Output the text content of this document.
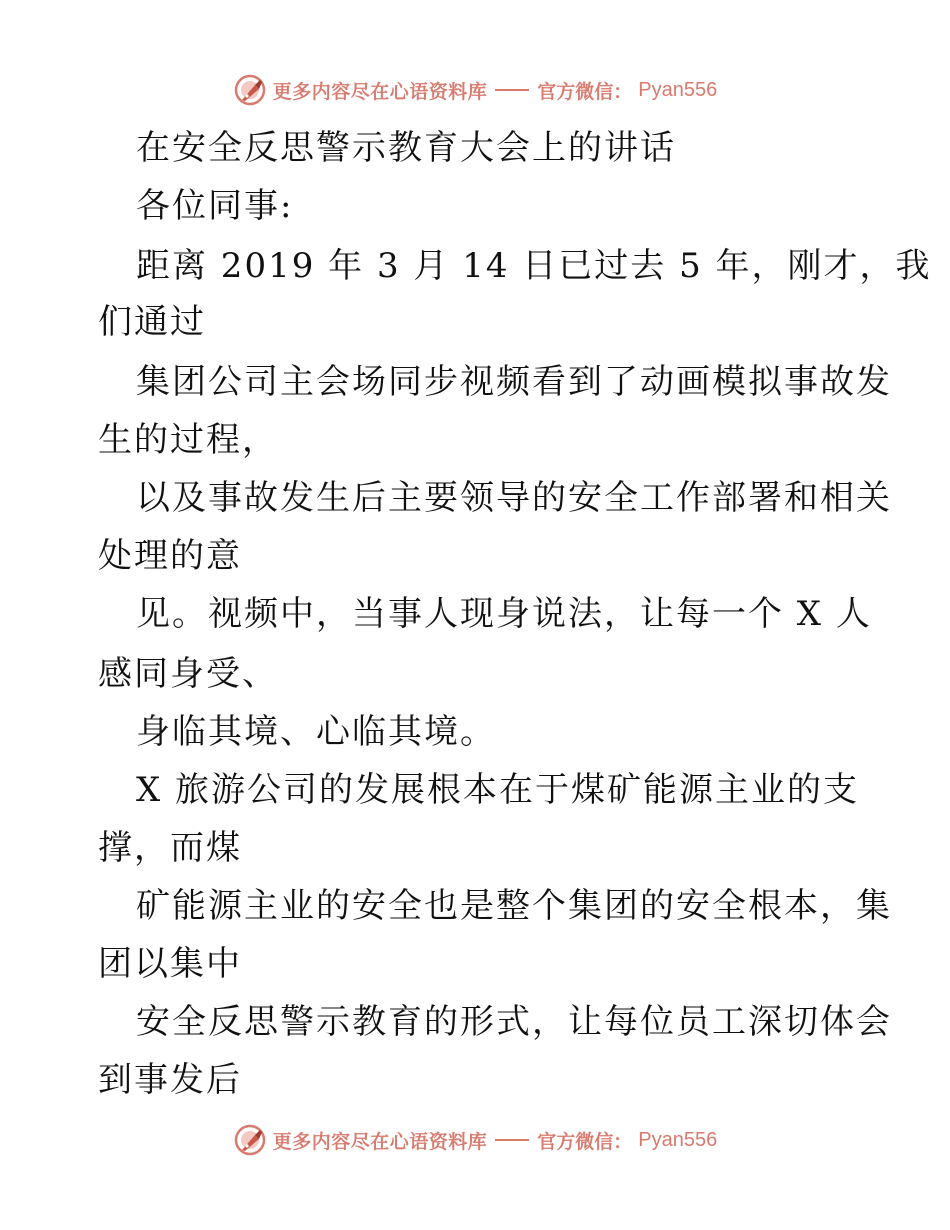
更多内容尽在心语资料库	官方微信： Pyan556
在安全反思警示教育大会上的讲话
各位同事:
距离 2019 年 3 月 14 日已过去 5 年，刚才，我
们通过
集团公司主会场同步视频看到了动画模拟事故发
生的过程，
以及事故发生后主要领导的安全工作部署和相关
处理的意
见。视频中，当事人现身说法，让每一个 X 人
感同身受、
身临其境、心临其境。
X 旅游公司的发展根本在于煤矿能源主业的支
撑，而煤
矿能源主业的安全也是整个集团的安全根本，集
团以集中
安全反思警示教育的形式，让每位员工深切体会
到事发后
更多内容尽在心语资料库	官方微信： Pyan556
